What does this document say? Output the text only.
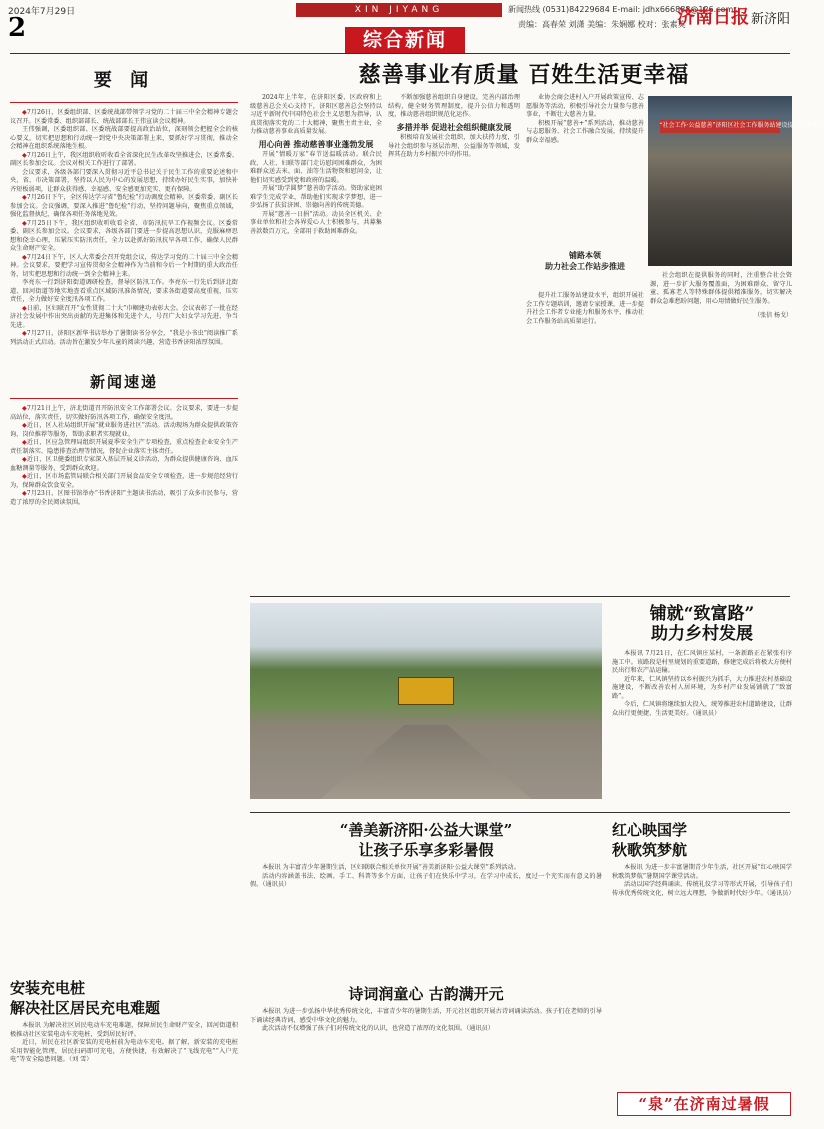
2024年7月29日
2
XIN JIYANG	新闻热线 (0531)84229684 E-mail: jdhx666888@126.com
责编：高春荣 刘潇 美编：朱娴娜 校对：张素英
济南日报 新济阳
综合新闻
要 闻

◆7月26日，区委组织部、区委统战部带领学习党的二十届三中全会精神专题会议召开。区委常委、组织部部长、统战部部长王伟宣读会议精神。

王伟强调，区委组织部、区委统战部要提高政治站位，深刻领会把握全会的核心要义，切实把思想和行动统一到党中央决策部署上来，要抓好学习贯彻，推动全会精神在组织系统落地生根。

◆7月26日上午，我区组织收听收看全省深化民生改革攻坚推进会，区委常委、副区长参加会议。会议对相关工作进行了部署。

会议要求，各级各部门要深入贯彻习近平总书记关于民生工作的重要论述和中央、省、市决策部署，坚持以人民为中心的发展思想，持续办好民生实事，加快补齐短板弱项，让群众获得感、幸福感、安全感更加充实、更有保障。

◆7月26日下午，全区传达学习省“鲁纪检”行动调度会精神。区委常委、副区长参加会议。会议强调，要深入推进“鲁纪检”行动，坚持问题导向，聚焦重点领域，强化监督执纪，确保各项任务落地见效。

◆7月25日下午，我区组织收听收看全省、市防汛抗旱工作视频会议。区委常委、副区长参加会议。会议要求，各级各部门要进一步提高思想认识，克服麻痹思想和侥幸心理，压紧压实防汛责任，全力以赴抓好防汛抗旱各项工作，确保人民群众生命财产安全。

◆7月24日下午，区人大常委会召开党组会议，传达学习党的二十届三中全会精神。会议要求，要把学习宣传贯彻全会精神作为当前和今后一个时期的重大政治任务，切实把思想和行动统一到全会精神上来。

李亮东一行到济阳街道调研检查，督导区防汛工作。李亮东一行先后到济北街道、回河街道等地实地查看重点区域防汛准备情况，要求各街道要高度重视，压实责任，全力做好安全度汛各项工作。

◆日前，区妇联召开“女性贯彻二十大”巾帼建功表彰大会。会议表彰了一批在经济社会发展中作出突出贡献的先进集体和先进个人，号召广大妇女学习先进、争当先进。

◆7月27日，济阳区新华书店举办了暑期读书分享会，“我是小书虫”阅读推广系列活动正式启动。活动旨在激发少年儿童的阅读兴趣，营造书香济阳浓厚氛围。

新闻速递

◆7月21日上午，济北街道召开防汛安全工作部署会议。会议要求，要进一步提高站位，落实责任，切实做好防汛各项工作，确保安全度汛。

◆近日，区人社局组织开展“就业服务进社区”活动。活动现场为群众提供政策咨询、岗位推荐等服务，帮助求职者实现就业。

◆近日，区应急管理局组织开展夏季安全生产专项检查，重点检查企业安全生产责任制落实、隐患排查治理等情况，督促企业落实主体责任。

◆近日，区卫健委组织专家深入基层开展义诊活动，为群众提供健康咨询、血压血糖测量等服务，受到群众欢迎。

◆近日，区市场监管局联合相关部门开展食品安全专项检查，进一步规范经营行为，保障群众饮食安全。

◆7月23日，区图书馆举办“书香济阳”主题读书活动，吸引了众多市民参与，营造了浓厚的全民阅读氛围。

安装充电桩
解决社区居民充电难题

本报讯 为解决社区居民电动车充电难题，保障居民生命财产安全，回河街道积极推动社区安装电动车充电桩，受到居民好评。

近日，居民在社区新安装的充电桩前为电动车充电。据了解，新安装的充电桩采用智能化管理，居民扫码即可充电，方便快捷，有效解决了“飞线充电”“入户充电”等安全隐患问题。（刘 雪）

慈善事业有质量 百姓生活更幸福

2024年上半年，在济阳区委、区政府和上级慈善总会关心支持下，济阳区慈善总会坚持以习近平新时代中国特色社会主义思想为指导，认真贯彻落实党的二十大精神，聚焦主责主业，全力推动慈善事业高质量发展。

用心向善 推动慈善事业蓬勃发展

开展“情暖万家”春节送温暖活动。联合民政、人社、妇联等部门走访慰问困难群众，为困难群众送去米、面、油等生活物资和慰问金，让他们切实感受到党和政府的温暖。

开展“助学圆梦”慈善助学活动。资助家庭困难学生完成学业，帮助他们实现求学梦想，进一步弘扬了扶贫济困、崇德向善的传统美德。

开展“慈善一日捐”活动。动员全区机关、企事业单位和社会各界爱心人士积极参与，共募集善款数百万元，全部用于救助困难群众。

不断加强慈善组织自身建设，完善内部治理结构，健全财务管理制度，提升公信力和透明度，推动慈善组织规范化运作。

多措并举 促进社会组织健康发展

积极培育发展社会组织，加大扶持力度，引导社会组织参与基层治理、公益服务等领域，发挥其在助力乡村振兴中的作用。

业协会商会进村入户开展政策宣传、志愿服务等活动，积极引导社会力量参与慈善事业，不断壮大慈善力量。

积极开展“慈善+”系列活动，推动慈善与志愿服务、社会工作融合发展，持续提升群众幸福感。

“社会工作·公益慈善”济阳区社会工作服务站建设提升专题培训
铺路本领
助力社会工作站步推进

提升社工服务站建设水平，组织开展社会工作专题培训，邀请专家授课，进一步提升社会工作者专业能力和服务水平，推动社会工作服务站高质量运行。

社会组织在提供服务的同时，注重整合社会资源，进一步扩大服务覆盖面，为困难群众、留守儿童、孤寡老人等特殊群体提供精准服务，切实解决群众急难愁盼问题，用心用情做好民生服务。

（张信 杨戈）
铺就“致富路”
助力乡村发展

本报讯 7月21日，在仁风镇庄某村，一条新路正在紧张有序施工中。该路段是村里规划的重要道路，修建完成后将极大方便村民出行和农产品运输。

近年来，仁风镇坚持以乡村振兴为抓手，大力推进农村基础设施建设，不断改善农村人居环境，为乡村产业发展铺就了“致富路”。

今后，仁风镇将继续加大投入，统筹推进农村道路建设，让群众出行更便捷、生活更美好。（通讯员）

“善美新济阳·公益大课堂”
让孩子乐享多彩暑假

本报讯 为丰富青少年暑期生活，区妇联联合相关单位开展“善美新济阳·公益大课堂”系列活动。

活动内容涵盖书法、绘画、手工、科普等多个方面，让孩子们在快乐中学习，在学习中成长，度过一个充实而有意义的暑假。（通讯员）

诗词润童心 古韵满开元

本报讯 为进一步弘扬中华优秀传统文化，丰富青少年的暑期生活，开元社区组织开展古诗词诵读活动。孩子们在老师的引导下诵读经典诗词，感受中华文化的魅力。

此次活动不仅增强了孩子们对传统文化的认识，也营造了浓厚的文化氛围。（通讯员）

红心映国学
秋歌筑梦航

本报讯 为进一步丰富暑期青少年生活，社区开展“红心映国学 秋歌筑梦航”暑期国学课堂活动。

活动以国学经典诵读、传统礼仪学习等形式开展，引导孩子们传承优秀传统文化，树立远大理想，争做新时代好少年。（通讯员）

“泉”在济南过暑假
